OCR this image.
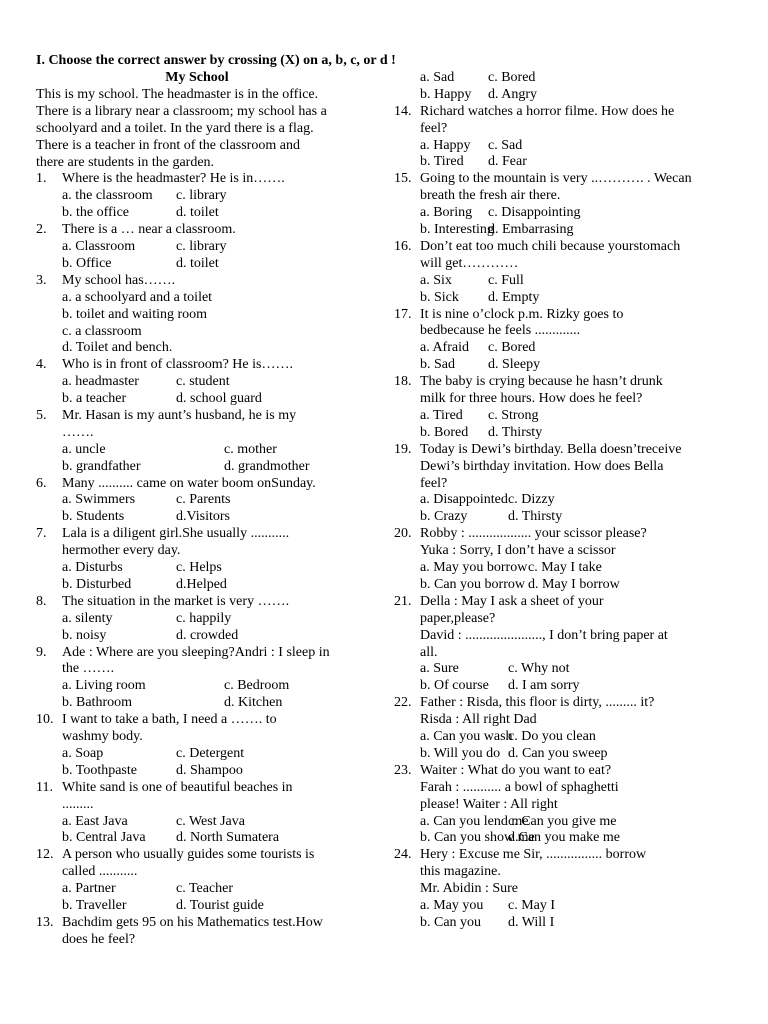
I. Choose the correct answer by crossing (X) on a, b, c, or d !
My School
This is my school. The headmaster is in the office.
There is a library near a classroom; my school has a
schoolyard and a toilet. In the yard there is a flag.
There is a teacher in front of the classroom and
there are students in the garden.
1. Where is the headmaster? He is in…….
a. the classroom c. library
b. the office	d. toilet
2. There is a … near a classroom.
a. Classroom	c. library
b. Office	d. toilet
3. My school has…….
a. a schoolyard and a toilet
b. toilet and waiting room
c. a classroom
d. Toilet and bench.
4. Who is in front of classroom? He is…….
a. headmaster	c. student
b. a teacher	d. school guard
5. Mr. Hasan is my aunt’s husband, he is my
…….
a. uncle	c. mother
b. grandfather	d. grandmother
6. Many .......... came on water boom onSunday.
a. Swimmers	c. Parents
b. Students	d.Visitors
7. Lala is a diligent girl.She usually ...........
hermother every day.
a. Disturbs	c. Helps
b. Disturbed	d.Helped
8. The situation in the market is very …….
a. silenty	c. happily
b. noisy	d. crowded
9. Ade : Where are you sleeping?Andri : I sleep in
the …….
a. Living room	c. Bedroom
b. Bathroom	d. Kitchen
10. I want to take a bath, I need a ……. to
washmy body.
a. Soap	c. Detergent
b. Toothpaste	d. Shampoo
11. White sand is one of beautiful beaches in
.........
a. East Java	c. West Java
b. Central Java d. North Sumatera
12. A person who usually guides some tourists is
called ...........
a. Partner	c. Teacher
b. Traveller	d. Tourist guide
13. Bachdim gets 95 on his Mathematics test.How
does he feel?
a. Sad c. Bored
b. Happy d. Angry
14. Richard watches a horror filme. How does he
feel?
a. Happy c. Sad
b. Tired d. Fear
15. Going to the mountain is very ..………. . Wecan
breath the fresh air there.
a. Boring c. Disappointing
b. Interesting
d. Embarrasing
16. Don’t eat too much chili because yourstomach
will get…………
a. Six	c. Full
b. Sick d. Empty
17. It is nine o’clock p.m. Rizky goes to
bedbecause he feels .............
a. Afraid c. Bored
b. Sad d. Sleepy
18. The baby is crying because he hasn’t drunk
milk for three hours. How does he feel?
a. Tired c. Strong
b. Bored d. Thirsty
19. Today is Dewi’s birthday. Bella doesn’treceive
Dewi’s birthday invitation. How does Bella
feel?
a. Disappointed c. Dizzy
b. Crazy	d. Thirsty
20. Robby : .................. your scissor please?
Yuka : Sorry, I don’t have a scissor
a. May you borrow c. May I take
b. Can you borrow d. May I borrow
21. Della : May I ask a sheet of your
paper,please?
David : ......................, I don’t bring paper at
all.
a. Sure	c. Why not
b. Of course d. I am sorry
22. Father : Risda, this floor is dirty, ......... it?
Risda : All right Dad
a. Can you wash
c. Do you clean
b. Will you do d. Can you sweep
23. Waiter : What do you want to eat?
Farah : ........... a bowl of sphaghetti
please! Waiter : All right
a. Can you lend me
c. Can you give me
b. Can you show me
d.Can you make me
24. Hery : Excuse me Sir, ................ borrow
this magazine.
Mr. Abidin : Sure
a. May you c. May I
b. Can you d. Will I
